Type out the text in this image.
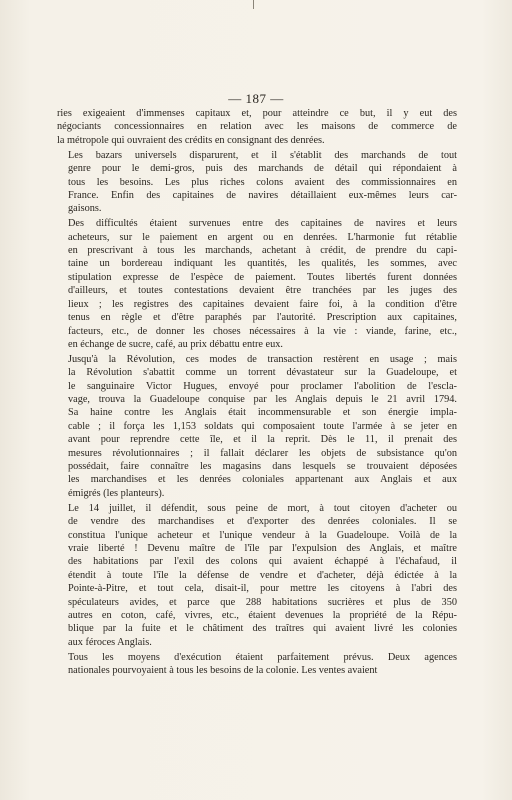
— 187 —

ries exigeaient d'immenses capitaux et, pour atteindre ce but, il y eut des
négociants concessionnaires en relation avec les maisons de commerce de
la métropole qui ouvraient des crédits en consignant des denrées.

Les bazars universels disparurent, et il s'établit des marchands de tout
genre pour le demi-gros, puis des marchands de détail qui répondaient à
tous les besoins. Les plus riches colons avaient des commissionnaires en
France. Enfin des capitaines de navires détaillaient eux-mêmes leurs car-
gaisons.

Des difficultés étaient survenues entre des capitaines de navires et leurs
acheteurs, sur le paiement en argent ou en denrées. L'harmonie fut rétablie
en prescrivant à tous les marchands, achetant à crédit, de prendre du capi-
taine un bordereau indiquant les quantités, les qualités, les sommes, avec
stipulation expresse de l'espèce de paiement. Toutes libertés furent données
d'ailleurs, et toutes contestations devaient être tranchées par les juges des
lieux ; les registres des capitaines devaient faire foi, à la condition d'être
tenus en règle et d'être paraphés par l'autorité. Prescription aux capitaines,
facteurs, etc., de donner les choses nécessaires à la vie : viande, farine, etc.,
en échange de sucre, café, au prix débattu entre eux.

Jusqu'à la Révolution, ces modes de transaction restèrent en usage ; mais
la Révolution s'abattit comme un torrent dévastateur sur la Guadeloupe, et
le sanguinaire Victor Hugues, envoyé pour proclamer l'abolition de l'escla-
vage, trouva la Guadeloupe conquise par les Anglais depuis le 21 avril 1794.
Sa haine contre les Anglais était incommensurable et son énergie impla-
cable ; il força les 1,153 soldats qui composaient toute l'armée à se jeter en
avant pour reprendre cette île, et il la reprit. Dès le 11, il prenait des
mesures révolutionnaires ; il fallait déclarer les objets de subsistance qu'on
possédait, faire connaître les magasins dans lesquels se trouvaient déposées
les marchandises et les denrées coloniales appartenant aux Anglais et aux
émigrés (les planteurs).

Le 14 juillet, il défendit, sous peine de mort, à tout citoyen d'acheter ou
de vendre des marchandises et d'exporter des denrées coloniales. Il se
constitua l'unique acheteur et l'unique vendeur à la Guadeloupe. Voilà de la
vraie liberté ! Devenu maître de l'île par l'expulsion des Anglais, et maître
des habitations par l'exil des colons qui avaient échappé à l'échafaud, il
étendit à toute l'île la défense de vendre et d'acheter, déjà édictée à la
Pointe-à-Pitre, et tout cela, disait-il, pour mettre les citoyens à l'abri des
spéculateurs avides, et parce que 288 habitations sucrières et plus de 350
autres en coton, café, vivres, etc., étaient devenues la propriété de la Répu-
blique par la fuite et le châtiment des traîtres qui avaient livré les colonies
aux féroces Anglais.

Tous les moyens d'exécution étaient parfaitement prévus. Deux agences
nationales pourvoyaient à tous les besoins de la colonie. Les ventes avaient
